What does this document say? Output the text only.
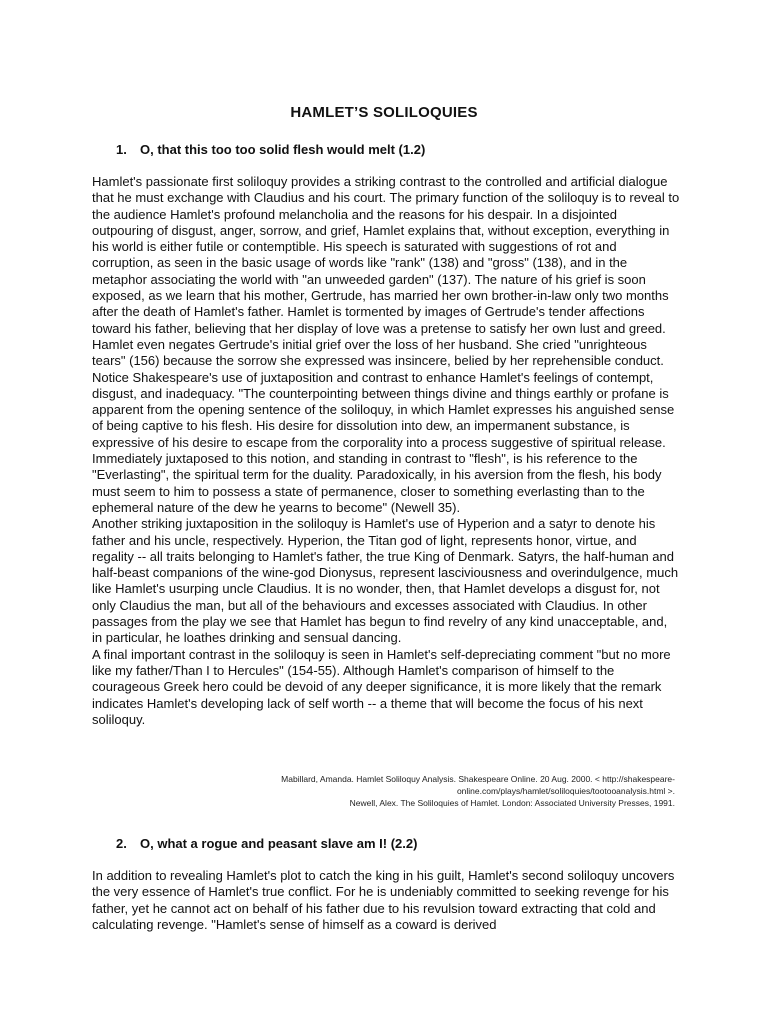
HAMLET’S SOLILOQUIES
1. O, that this too too solid flesh would melt (1.2)

Hamlet's passionate first soliloquy provides a striking contrast to the controlled and artificial dialogue that he must exchange with Claudius and his court. The primary function of the soliloquy is to reveal to the audience Hamlet's profound melancholia and the reasons for his despair. In a disjointed outpouring of disgust, anger, sorrow, and grief, Hamlet explains that, without exception, everything in his world is either futile or contemptible. His speech is saturated with suggestions of rot and corruption, as seen in the basic usage of words like "rank" (138) and "gross" (138), and in the metaphor associating the world with "an unweeded garden" (137). The nature of his grief is soon exposed, as we learn that his mother, Gertrude, has married her own brother-in-law only two months after the death of Hamlet's father. Hamlet is tormented by images of Gertrude's tender affections toward his father, believing that her display of love was a pretense to satisfy her own lust and greed. Hamlet even negates Gertrude's initial grief over the loss of her husband. She cried "unrighteous tears" (156) because the sorrow she expressed was insincere, belied by her reprehensible conduct.

Notice Shakespeare's use of juxtaposition and contrast to enhance Hamlet's feelings of contempt, disgust, and inadequacy. "The counterpointing between things divine and things earthly or profane is apparent from the opening sentence of the soliloquy, in which Hamlet expresses his anguished sense of being captive to his flesh. His desire for dissolution into dew, an impermanent substance, is expressive of his desire to escape from the corporality into a process suggestive of spiritual release. Immediately juxtaposed to this notion, and standing in contrast to "flesh", is his reference to the "Everlasting", the spiritual term for the duality. Paradoxically, in his aversion from the flesh, his body must seem to him to possess a state of permanence, closer to something everlasting than to the ephemeral nature of the dew he yearns to become" (Newell 35).

Another striking juxtaposition in the soliloquy is Hamlet's use of Hyperion and a satyr to denote his father and his uncle, respectively. Hyperion, the Titan god of light, represents honor, virtue, and regality -- all traits belonging to Hamlet's father, the true King of Denmark. Satyrs, the half-human and half-beast companions of the wine-god Dionysus, represent lasciviousness and overindulgence, much like Hamlet's usurping uncle Claudius. It is no wonder, then, that Hamlet develops a disgust for, not only Claudius the man, but all of the behaviours and excesses associated with Claudius. In other passages from the play we see that Hamlet has begun to find revelry of any kind unacceptable, and, in particular, he loathes drinking and sensual dancing.

A final important contrast in the soliloquy is seen in Hamlet's self-depreciating comment "but no more like my father/Than I to Hercules" (154-55). Although Hamlet's comparison of himself to the courageous Greek hero could be devoid of any deeper significance, it is more likely that the remark indicates Hamlet's developing lack of self worth -- a theme that will become the focus of his next soliloquy.

Mabillard, Amanda. Hamlet Soliloquy Analysis. Shakespeare Online. 20 Aug. 2000. < http://shakespeare-
online.com/plays/hamlet/soliloquies/tootooanalysis.html >.
Newell, Alex. The Soliloquies of Hamlet. London: Associated University Presses, 1991.
2. O, what a rogue and peasant slave am I! (2.2)

In addition to revealing Hamlet's plot to catch the king in his guilt, Hamlet's second soliloquy uncovers the very essence of Hamlet's true conflict. For he is undeniably committed to seeking revenge for his father, yet he cannot act on behalf of his father due to his revulsion toward extracting that cold and calculating revenge. "Hamlet's sense of himself as a coward is derived
